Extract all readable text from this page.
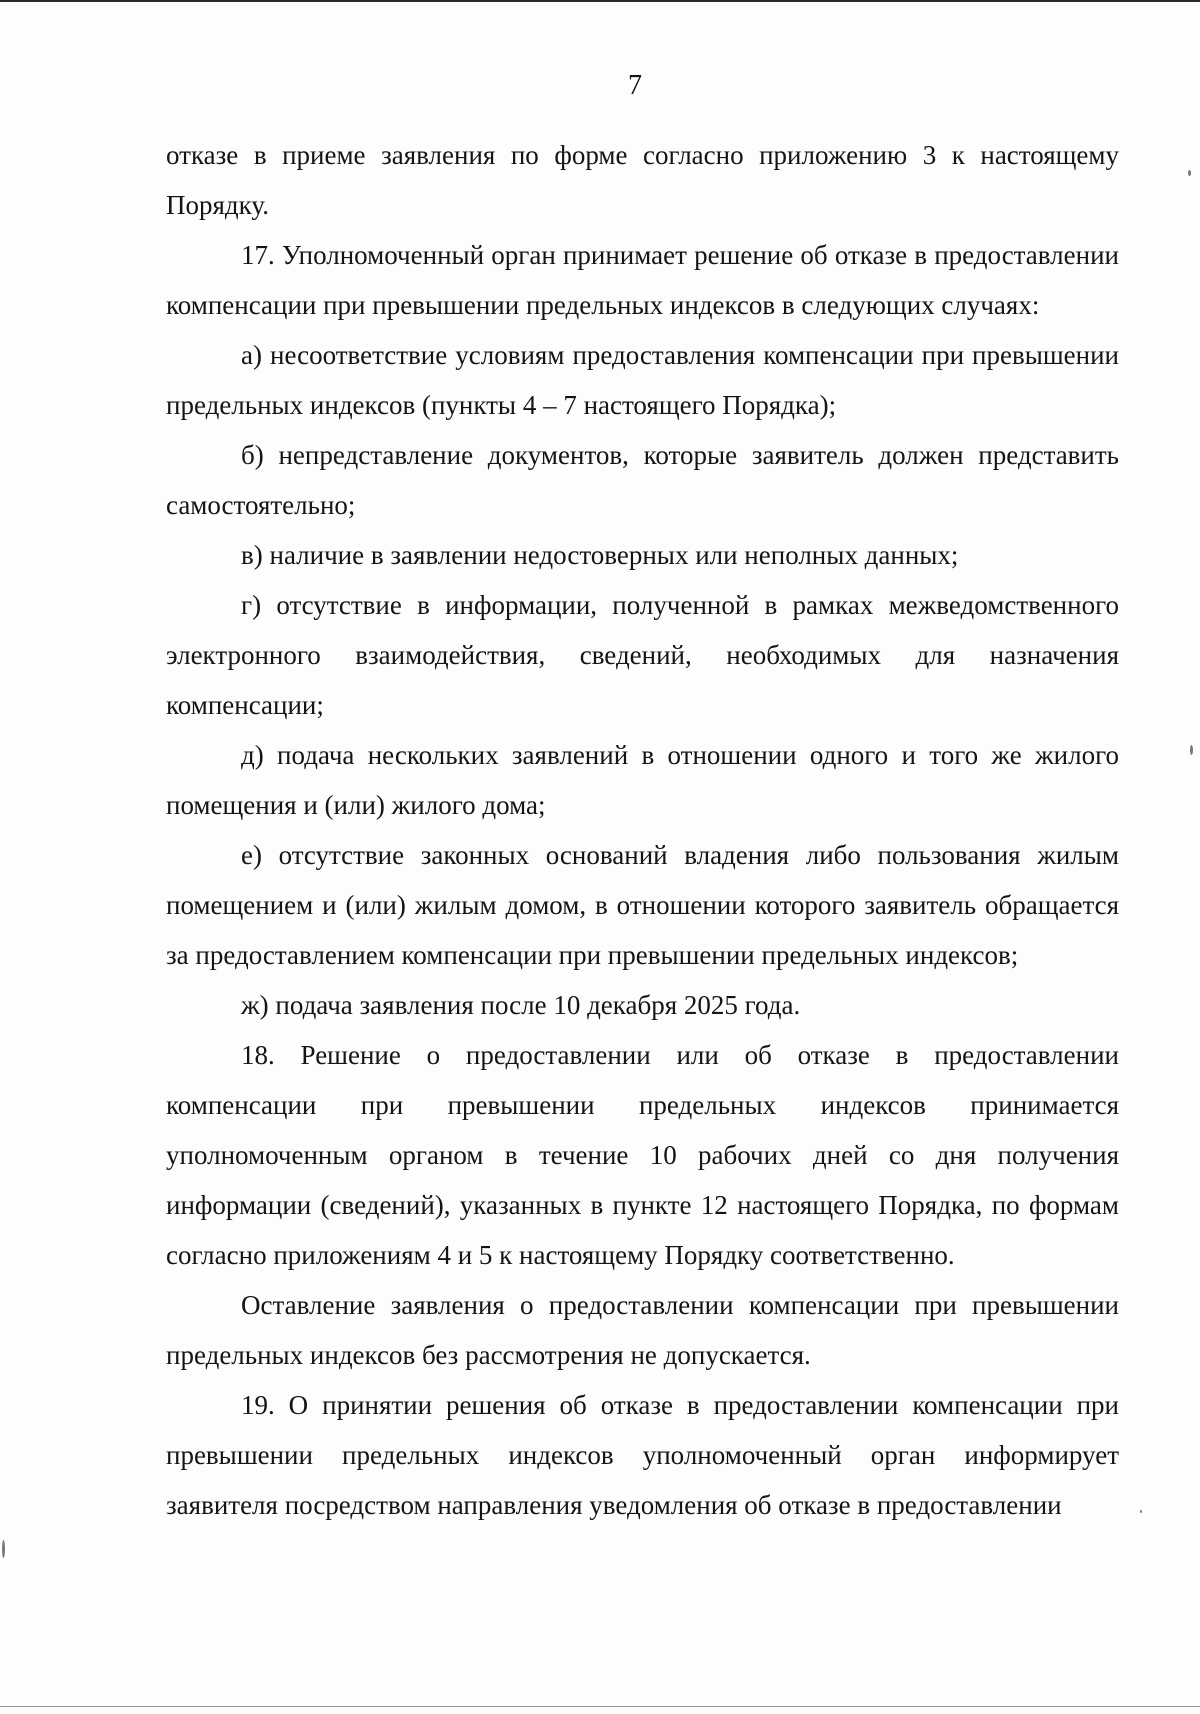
7

отказе в приеме заявления по форме согласно приложению 3 к настоящему Порядку.

17. Уполномоченный орган принимает решение об отказе в предоставлении компенсации при превышении предельных индексов в следующих случаях:

а) несоответствие условиям предоставления компенсации при превышении предельных индексов (пункты 4 – 7 настоящего Порядка);

б) непредставление документов, которые заявитель должен представить самостоятельно;

в) наличие в заявлении недостоверных или неполных данных;

г) отсутствие в информации, полученной в рамках межведомственного электронного взаимодействия, сведений, необходимых для назначения компенсации;

д) подача нескольких заявлений в отношении одного и того же жилого помещения и (или) жилого дома;

е) отсутствие законных оснований владения либо пользования жилым помещением и (или) жилым домом, в отношении которого заявитель обращается за предоставлением компенсации при превышении предельных индексов;

ж) подача заявления после 10 декабря 2025 года.

18. Решение о предоставлении или об отказе в предоставлении компенсации при превышении предельных индексов принимается уполномоченным органом в течение 10 рабочих дней со дня получения информации (сведений), указанных в пункте 12 настоящего Порядка, по формам согласно приложениям 4 и 5 к настоящему Порядку соответственно.

Оставление заявления о предоставлении компенсации при превышении предельных индексов без рассмотрения не допускается.

19. О принятии решения об отказе в предоставлении компенсации при превышении предельных индексов уполномоченный орган информирует заявителя посредством направления уведомления об отказе в предоставлении
